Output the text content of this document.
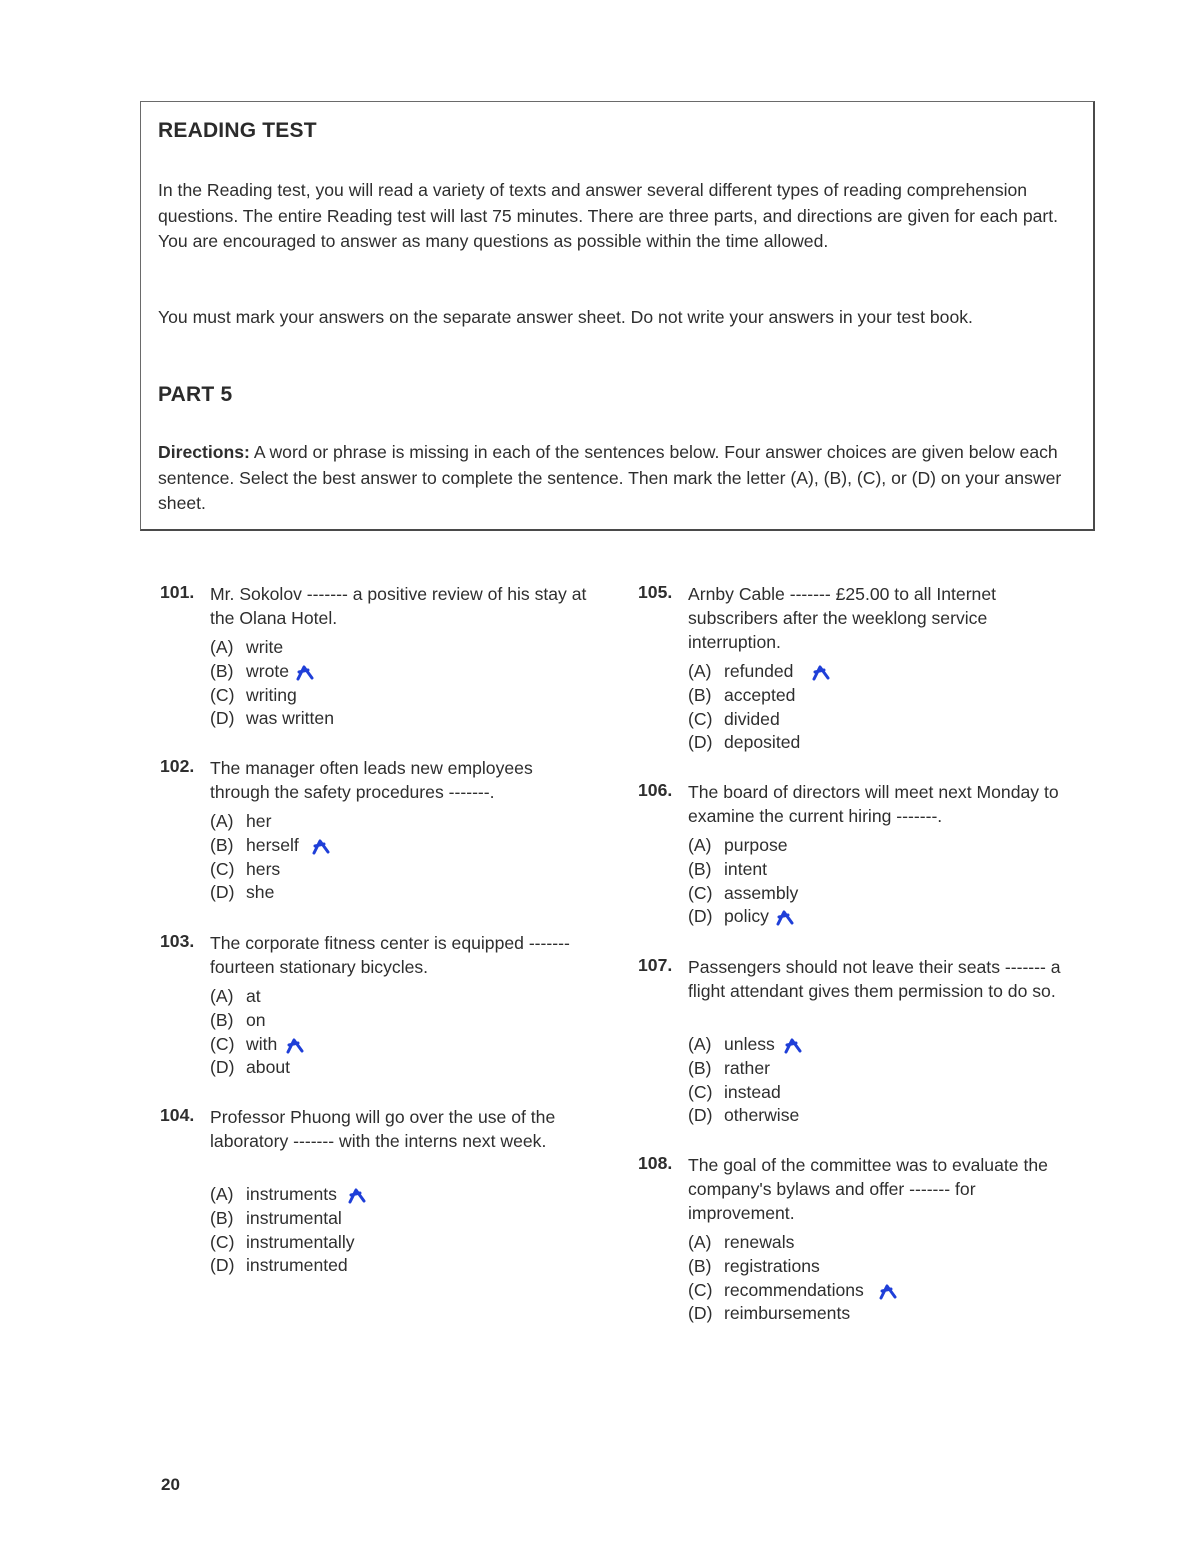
READING TEST

In the Reading test, you will read a variety of texts and answer several different types of reading comprehension questions. The entire Reading test will last 75 minutes. There are three parts, and directions are given for each part. You are encouraged to answer as many questions as possible within the time allowed.

You must mark your answers on the separate answer sheet. Do not write your answers in your test book.

PART 5

Directions: A word or phrase is missing in each of the sentences below. Four answer choices are given below each sentence. Select the best answer to complete the sentence. Then mark the letter (A), (B), (C), or (D) on your answer sheet.

101. Mr. Sokolov ------- a positive review of his stay at the Olana Hotel.
(A) write
(B) wrote
(C) writing
(D) was written
102. The manager often leads new employees through the safety procedures -------.
(A) her
(B) herself
(C) hers
(D) she
103. The corporate fitness center is equipped ------- fourteen stationary bicycles.
(A) at
(B) on
(C) with
(D) about
104. Professor Phuong will go over the use of the laboratory ------- with the interns next week.
(A) instruments
(B) instrumental
(C) instrumentally
(D) instrumented
105. Arnby Cable ------- £25.00 to all Internet subscribers after the weeklong service interruption.
(A) refunded
(B) accepted
(C) divided
(D) deposited
106. The board of directors will meet next Monday to examine the current hiring -------.
(A) purpose
(B) intent
(C) assembly
(D) policy
107. Passengers should not leave their seats ------- a flight attendant gives them permission to do so.
(A) unless
(B) rather
(C) instead
(D) otherwise
108. The goal of the committee was to evaluate the company's bylaws and offer ------- for improvement.
(A) renewals
(B) registrations
(C) recommendations
(D) reimbursements
20
